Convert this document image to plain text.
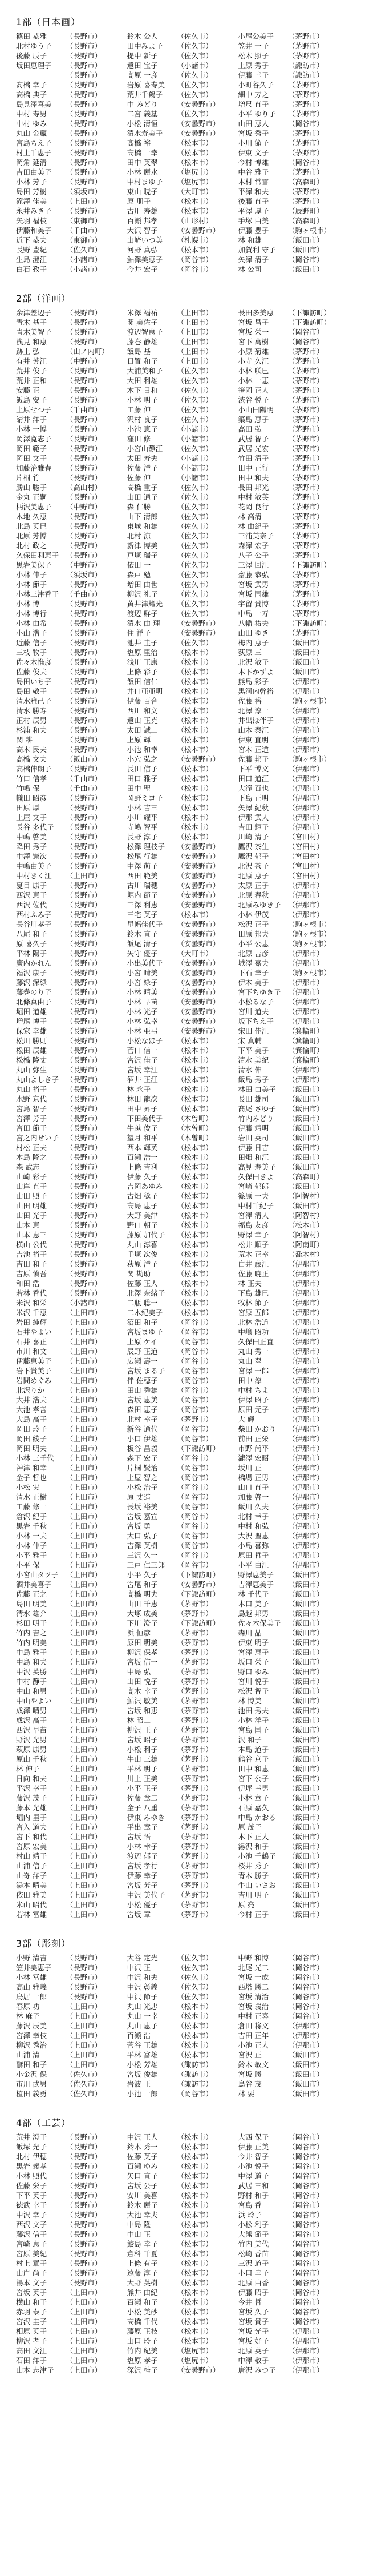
1部（日本画）
篠田 恭雅	（長野市）	鈴木 公人	（佐久市）	小尾公美子	（茅野市）
北村ゆう子	（長野市）	田中みよ子	（佐久市）	笠井 一子	（茅野市）
後藤 辰子	（長野市）	提中 新子	（佐久市）	松木 照子	（茅野市）
坂田恵理子	（長野市）	遠田 宝子	（小諸市）	上原 秀子	（諏訪市）
	（長野市）	高原 一彦	（佐久市）	伊藤 幸子	（諏訪市）
髙橋 幸子	（長野市）	岩原 喜寿美	（佐久市）	小町谷久子	（茅野市）
高橋 典子	（長野市）	荒井千鶴子	（佐久市）	細中 芳之	（茅野市）
島見澤喜美	（長野市）	中 みどり	（安曇野市）	増尺 直子	（茅野市）
中村 寿男	（長野市）	二宮 義基	（佐久市）	小平 ゆり子	（茅野市）
中村 ゆみ	（長野市）	小松 清恒	（安曇野市）	山田 恵人	（岡谷市）
丸山 金蔵	（長野市）	清水寿美子	（安曇野市）	宮坂 秀子	（茅野市）
宮島ちえ子	（長野市）	髙橋 裕	（松本市）	小川 節子	（茅野市）
村上千恵子	（長野市）	高橋 一幸	（松本市）	伊東 文子	（茅野市）
岡角 延清	（長野市）	田中 英翠	（松本市）	今村 博雄	（岡谷市）
吉田由美子	（長野市）	小林 麗水	（塩尻市）	中谷 雅子	（茅野市）
小林 芳子	（長野市）	中村まゆ子	（塩尻市）	木村 常雪	（高森町）
島田 芳樹	（須坂市）	東山 暁子	（大町市）	平澤 和夫	（茅野市）
滝澤 佳美	（上田市）	原 朋子	（松本市）	後藤 直子	（茅野市）
永井みき子	（長野市）	古川 寿雄	（松本市）	平澤 厚子	（辰野町）
矢羽 福枝	（東御市）	百瀬 邦孝	（山形村）	手塚 由美	（高森町）
伊藤和美子	（千曲市）	大沢 智子	（安曇野市）	伊藤 豊子	（駒ヶ根市）
近下 恭夫	（東御市）	山崎いつ美	（札幌市）	林 和雄	（飯田市）
長野 豊紀	（佐久市）	河野 真弘	（松本市）	加賀利 守子	（飯田市）
生島 澄江	（小諸市）	鮎澤美恵子	（岡谷市）	矢澤 清子	（岡谷市）
白石 孜子	（小諸市）	今井 宏子	（岡谷市）	林 公司	（飯田市）
2部（洋画）
余津差辺子	（長野市）	米澤 福祐	（上田市）	長田多美恵	（下諏訪町）
青木 基子	（長野市）	関 美佐子	（上田市）	宮坂 昌子	（下諏訪町）
青木美智子	（長野市）	渡辺智恵子	（上田市）	宮坂 栄一	（岡谷市）
浅見 和恵	（長野市）	藤巻 静雄	（上田市）	宮下 萬樹	（岡谷市）
跡上 弘	（山ノ内町）	飯島 基	（上田市）	小原 菊雄	（茅野市）
有井 芳江	（中野市）	日置 和子	（上田市）	小寺 久江	（茅野市）
荒井 俊子	（長野市）	大浦美和子	（佐久市）	小林 咲巳	（茅野市）
荒井 正和	（長野市）	大田 利雄	（佐久市）	小林 一恵	（茅野市）
安藤 正	（長野市）	木下 日和	（佐久市）	笹岡 正人	（茅野市）
飯島 安子	（長野市）	小林 明子	（佐久市）	渋谷 悦子	（茅野市）
上原せつ子	（千曲市）	工藤 伸	（佐久市）	小山田陽明	（茅野市）
請井 洋子	（長野市）	沢村 良子	（佐久市）	築島 恵子	（茅野市）
小林 一博	（長野市）	小池 恵子	（小諸市）	高田 弘	（茅野市）
岡澤寛志子	（長野市）	窪田 修	（小諸市）	武居 智子	（茅野市）
岡田 範子	（長野市）	小宮山静江	（佐久市）	武居 光宏	（茅野市）
岡田 文子	（長野市）	太田 寿夫	（小諸市）	竹田 清子	（茅野市）
加藤治雅春	（長野市）	佐藤 洋子	（小諸市）	田中 正行	（茅野市）
片桐 竹	（長野市）	佐藤 伸	（小諸市）	田中 和夫	（茅野市）
勝山 聡子	（高山村）	高橋 重子	（佐久市）	長田 邦光	（茅野市）
金丸 正嗣	（長野市）	山田 通子	（佐久市）	中村 敏英	（茅野市）
柄沢美恵子	（中野市）	森 仁勝	（佐久市）	花岡 良行	（茅野市）
木地 久恵	（長野市）	山下 清郎	（佐久市）	林 高清	（茅野市）
北島 英巳	（長野市）	東城 和雄	（佐久市）	林 由紀子	（茅野市）
北原 芳博	（長野市）	北村 涼	（佐久市）	三浦美奈子	（茅野市）
北村 政之	（長野市）	新津 博美	（佐久市）	森澤 宏子	（茅野市）
久保田利恵子	（長野市）	戸塚 瑞子	（佐久市）	八子 公子	（茅野市）
黒岩美保子	（中野市）	依田 一	（佐久市）	三澤 回江	（下諏訪町）
小林 伸子	（須坂市）	森戸 勉	（佐久市）	齋藤 恭弘	（茅野市）
小林 節子	（長野市）	増田 由世	（佐久市）	宮坂 武男	（茅野市）
小林三津香子	（千曲市）	柳沢 礼子	（佐久市）	宮坂 国雄	（茅野市）
小林 博	（長野市）	黄井津耀光	（佐久市）	宇留 貴博	（茅野市）
小林 博行	（長野市）	渡辺 鮮子	（佐久市）	中島 一寿	（茅野市）
小林 由希	（長野市）	清水 由 理	（安曇野市）	八幡 祐夫	（下諏訪町）
小山 浩子	（長野市）	住 祥子	（安曇野市）	山田 ゆき	（茅野市）
近藤 信子	（長野市）	池井 圭子	（佐久市）	梅内 恵子	（飯田市）
三枝 牧子	（長野市）	塩原 里治	（松本市）	荻原 三	（飯田市）
佐々木惟彦	（長野市）	浅川 正康	（松本市）	北沢 敏子	（飯田市）
佐藤 俊夫	（長野市）	上條 彩子	（松本市）	木下かずよ	（飯田市）
島田いち子	（長野市）	飯田 信仁	（松本市）	熊島 彩子	（伊那市）
島田 敬子	（長野市）	井口亜亜明	（松本市）	黒河内幹裕	（伊那市）
清水雅己子	（長野市）	伊藤 百合	（松本市）	佐藤 裕	（駒ヶ根市）
清水 勝寿	（長野市）	西川 和文	（松本市）	北澤 淳一	（伊那市）
正村 辰男	（長野市）	遠山 正克	（松本市）	井出ほ伴子	（伊那市）
杉浦 和夫	（長野市）	太田 誠二	（松本市）	山本 泰江	（伊那市）
関 耕	（長野市）	上原 輝	（松本市）	伊東 直明	（伊那市）
高木 民夫	（長野市）	小池 和幸	（松本市）	宮木 正道	（伊那市）
高橋 文夫	（飯山市）	小穴 弘之	（安曇野市）	佐藤 邦子	（駒ヶ根市）
高橋伸朗子	（長野市）	長田 信子	（松本市）	下平 博文	（伊那市）
竹口 信孝	（千曲市）	田口 雅子	（松本市）	田口 道江	（伊那市）
竹嶋 保	（千曲市）	田中 聖	（松本市）	大滝 百也	（伊那市）
幟田 昭彦	（長野市）	岡野ミヨ子	（松本市）	下島 正明	（伊那市）
田原 厚	（長野市）	小林 吉三	（松本市）	矢澤 紀秋	（伊那市）
土屋 文子	（長野市）	小川 耀平	（松本市）	伊那 武人	（伊那市）
長谷 多代子	（長野市）	寺嶋 智平	（松本市）	吉田 輝子	（伊那市）
中嶋 啓美	（長野市）	長野 淳子	（松本市）	川崎 清子	（宮田村）
降田 秀子	（長野市）	松澤 理枝子	（安曇野市）	鷹沢 茶生	（宮田村）
中澤 憲次	（長野市）	松尾 行雄	（安曇野市）	鷹沢 郁子	（宮田村）
中嶋由美子	（長野市）	中澤 萌子	（安曇野市）	北沢 茶子	（宮田村）
中村きく江	（上田市）	西田 範美	（安曇野市）	北原 恵子	（宮田村）
夏目 康子	（長野市）	古川 瑞穂	（安曇野市）	太原 正子	（伊那市）
西沢 恵子	（長野市）	堀内 節子	（安曇野市）	北原 春秋	（伊那市）
西沢 佐代	（長野市）	三澤 利恵	（安曇野市）	北原みゆき子	（伊那市）
西村ふみ子	（長野市）	三宅 英子	（松本市）	小林 伊茂	（伊那市）
長谷川孝子	（長野市）	星幅佳代子	（安曇野市）	松沢 正子	（駒ヶ根市）
八尾 和子	（長野市）	鈴木 直子	（安曇野市）	田原 邦夫	（駒ヶ根市）
原 喜久子	（長野市）	飯尾 清子	（安曇野市）	小平 公恵	（駒ヶ根市）
平林 陽子	（長野市）	矢守 優子	（大町市）	北原 吉彦	（伊那市）
廣内かれん	（長野市）	小出美代子	（安曇野市）	城澤 嘉夫	（伊那市）
福沢 康子	（長野市）	小宮 晴美	（安曇野市）	下石 幸子	（駒ヶ根市）
藤沢 深緑	（長野市）	小宮 緑子	（安曇野市）	伊木 美子	（伊那市）
藤巻のり子	（長野市）	小林 晴美	（安曇野市）	宮下ちゆき子	（伊那市）
北條真由子	（長野市）	小林 早苗	（安曇野市）	小松るな子	（伊那市）
堀田 道雄	（長野市）	小林 光子	（安曇野市）	宮川 道夫	（伊那市）
増尾 博子	（長野市）	小林 弘幸	（安曇野市）	坂下ちえ子	（伊那市）
保家 幸雄	（長野市）	小林 亜弓	（安曇野市）	宋田 佳江	（箕輪町）
松川 勝則	（長野市）	小松なほ子	（松本市）	宋 真輔	（箕輪町）
松田 辰雄	（長野市）	菅口 信一	（松本市）	下平 美子	（箕輪町）
松橋 隆丈	（長野市）	宮沢 佳子	（松本市）	清水 美紀	（箕輪町）
丸山 弥生	（長野市）	宮坂 幸江	（松本市）	清水 伸	（伊那市）
丸山よしき子	（長野市）	酒井 正江	（松本市）	飯島 秀子	（伊那市）
丸山 裕子	（長野市）	林 永子	（松本市）	林田 由美子	（飯田市）
水野 京代	（長野市）	林田 龍次	（松本市）	長田 雄司	（飯田市）
宮島 智子	（長野市）	田中 昇子	（松本市）	髙尾 さゆ子	（飯田市）
宮澤 芳子	（長野市）	下田美代子	（木曽町）	竹内みどり	（飯田市）
宮田 節子	（長野市）	牛越 俊子	（木曽町）	伊藤 靖明	（飯田市）
宮之内せい子	（長野市）	望月 和平	（木曽町）	岩田 英司	（飯田市）
村松 正夫	（長野市）	西本 輝英	（松本市）	伊藤 日吉	（飯田市）
本島 隆之	（長野市）	百瀬 浩一	（松本市）	田畑 和江	（飯田市）
森 武志	（長野市）	上條 吉利	（松本市）	高見 寿美子	（飯田市）
山崎 彩子	（長野市）	伊藤 久子	（松本市）	久保田きよ	（高森町）
山岸 直子	（長野市）	吉岡あゆみ	（松本市）	宮崎 郁郎	（飯田市）
山田 照子	（長野市）	古畑 稔子	（松本市）	篠原 一夫	（阿智村）
山田 明雄	（長野市）	高島 恵子	（松本市）	中村千紀子	（飯田市）
山田 光子	（長野市）	大野 美津	（松本市）	宮澤 清人	（阿智村）
山本 恵	（長野市）	野口 朝子	（松本市）	福島 友彦	（松本市）
山本 恵三	（長野市）	藤原 加代子	（松本市）	野澤 幸子	（阿智村）
横山 公代	（長野市）	丸山 淳喜	（松本市）	松井 順子	（阿南町）
吉池 裕子	（長野市）	手塚 次俊	（松本市）	荒木 正幸	（喬木村）
吉田 和子	（長野市）	荻原 洋子	（松本市）	白井 藤江	（伊那市）
吉原 慎吾	（長野市）	関 勘助	（松本市）	佐藤 暁正	（伊那市）
和田 浩	（長野市）	佐藤 正人	（松本市）	林 正夫	（伊那市）
若林 香代	（長野市）	北澤 奈緒子	（松本市）	下島 雄巳	（伊那市）
米沢 和栄	（小諸市）	二瓶 聡一	（松本市）	牧林 節子	（伊那市）
米沢 千恵	（上田市）	二木紀美子	（松本市）	宮原 五郎	（伊那市）
岩田 純輝	（上田市）	沼田 和子	（岡谷市）	北林 浩道	（伊那市）
石井やよい	（上田市）	宮坂まゆ子	（岡谷市）	中嶋 昭功	（伊那市）
石井 喜正	（上田市）	上原 ケイ	（岡谷市）	久保田正直	（伊那市）
市川 和文	（上田市）	辰野 正道	（岡谷市）	丸山 秀一	（伊那市）
伊藤恵美子	（上田市）	広瀬 壽一	（岡谷市）	丸山 翠	（伊那市）
岩下貴美子	（上田市）	宮坂 まる子	（岡谷市）	宮澤 一郎	（伊那市）
岩間めぐみ	（上田市）	伴 佐穂子	（岡谷市）	田中 淳	（伊那市）
北沢りか	（上田市）	田山 秀雄	（岡谷市）	中村 ちよ	（伊那市）
大井 浩夫	（上田市）	宮坂 恵美	（岡谷市）	伊澤 昭子	（伊那市）
大池 孝善	（上田市）	森田 恵子	（岡谷市）	原田 元子	（伊那市）
大島 高子	（上田市）	北村 幸子	（茅野市）	大 輝	（伊那市）
岡田 玲子	（上田市）	新谷 通代	（岡谷市）	柴田 かおり	（伊那市）
岡田 綾子	（上田市）	小口 伊雄	（岡谷市）	前田 正栄	（伊那市）
岡田 明夫	（上田市）	板谷 昌義	（下諏訪町）	市野 尚平	（伊那市）
小林 三千代	（上田市）	森下 宏子	（岡谷市）	瀧澤 宏昭	（伊那市）
神津 和幸	（上田市）	片桐 賢治	（岡谷市）	坂川 正	（伊那市）
金子 哲也	（上田市）	土屋 智之	（岡谷市）	橋場 正男	（伊那市）
小松 実	（上田市）	小松 治子	（岡谷市）	山口 直子	（伊那市）
清水 正樹	（上田市）	原 丈造	（岡谷市）	加藤 啓一	（伊那市）
工藤 修一	（上田市）	長坂 裕美	（岡谷市）	飯川 久夫	（伊那市）
倉沢 紀子	（上田市）	宮坂 嘉宣	（岡谷市）	北村 幸子	（伊那市）
黒岩 千秋	（上田市）	宮坂 勇	（岡谷市）	中村 和弘	（伊那市）
小林 一夫	（上田市）	大口 弘子	（岡谷市）	大沢 聖恵	（伊那市）
小林 仲子	（上田市）	吉澤 英樹	（岡谷市）	小島 喜弥	（伊那市）
小平 雅子	（上田市）	三沢 久一	（岡谷市）	原田 哲子	（伊那市）
小平 保	（上田市）	三戸 仁三郎	（岡谷市）	小平 由江	（伊那市）
小宮山タツ子	（上田市）	小平 久子	（下諏訪町）	野澤恵美子	（飯田市）
酒井美喜子	（上田市）	宮尾 和子	（安曇野市）	吉澤恵美子	（飯田市）
佐藤 正之	（上田市）	高橋 明夫	（下諏訪町）	林 千代子	（飯田市）
島田 明美	（上田市）	山田 千恵	（茅野市）	木口 美子	（飯田市）
清水 雄介	（上田市）	大塚 成美	（茅野市）	鳥越 邦男	（飯田市）
杉田 明子	（上田市）	下川 澄子	（下諏訪町）	佐々木保美子	（飯田市）
竹内 吉之	（上田市）	浜 恒彦	（茅野市）	森川 晶	（飯田市）
竹内 明美	（上田市）	原田 明美	（茅野市）	伊東 明子	（飯田市）
中島 雅子	（上田市）	柳沢 保孝	（茅野市）	宮澤 恵子	（飯田市）
中島 和夫	（上田市）	宮坂 信一	（茅野市）	坂口 栄子	（飯田市）
中沢 英勝	（上田市）	中島 弘	（茅野市）	野口 ゆみ	（飯田市）
中村 静子	（上田市）	山田 悦子	（茅野市）	宮川 悦子	（飯田市）
中山 和男	（上田市）	高木 幸子	（茅野市）	松沢 智子	（飯田市）
中山やよい	（上田市）	鮎沢 敏美	（茅野市）	林 博美	（飯田市）
成澤 晴男	（上田市）	宮坂 和恵	（茅野市）	池田 秀夫	（飯田市）
成沢 高子	（上田市）	林 昭二	（茅野市）	小林 洋子	（飯田市）
西沢 早苗	（上田市）	柳沢 正子	（茅野市）	宮島 国子	（飯田市）
野沢 光男	（上田市）	宮坂 昭子	（茅野市）	沢 和子	（飯田市）
萩原 康男	（上田市）	小松 利子	（茅野市）	本島 道子	（飯田市）
原山 千秋	（上田市）	牛山 三雄	（茅野市）	熊谷 京子	（飯田市）
林 伸子	（上田市）	平林 明子	（茅野市）	田中 和恵	（飯田市）
日向 和夫	（上田市）	川上 正美	（茅野市）	宮下 公子	（飯田市）
平沢 幸子	（上田市）	小平 正子	（茅野市）	伊坪 幸男	（飯田市）
藤沢 茂子	（上田市）	佐藤 章二	（茅野市）	小林 章子	（飯田市）
藤本 光雄	（上田市）	金子 八重	（茅野市）	石原 嘉久	（飯田市）
堀内 里子	（上田市）	伊東 みゆき	（茅野市）	中島 かおる	（飯田市）
宮入 道夫	（上田市）	平出 章子	（茅野市）	原 茂子	（飯田市）
宮下 和代	（上田市）	宮坂 悟	（茅野市）	木下 正人	（飯田市）
宮原 宏美	（上田市）	小林 幸子	（茅野市）	湯沢 和子	（飯田市）
村山 靖子	（上田市）	渡辺 郁子	（茅野市）	小池 千鶴子	（飯田市）
山浦 信子	（上田市）	宮坂 孝行	（茅野市）	桜井 秀子	（飯田市）
山嵜 洋子	（上田市）	伊藤 幸子	（茅野市）	青木 勝子	（飯田市）
湯本 晴美	（上田市）	宮坂 芳子	（茅野市）	牛山 いさお	（飯田市）
依田 雅美	（上田市）	中沢 美代子	（茅野市）	吉川 明子	（飯田市）
米山 昭代	（上田市）	小松 優子	（茅野市）	原 亮	（飯田市）
若林 富雄	（上田市）	宮坂 章	（茅野市）	今村 正子	（飯田市）
3部（彫刻）
小野 清吉	（長野市）	大谷 定光	（佐久市）	中野 和博	（岡谷市）
笠井美恵子	（長野市）	中沢 正	（佐久市）	北尾 光二	（岡谷市）
小林 冨雄	（長野市）	中沢 和夫	（佐久市）	宮坂 一成	（岡谷市）
高山 雅義	（長野市）	中沢 彰義	（佐久市）	西塔 勝二	（岡谷市）
鳥居 一郎	（長野市）	中沢 節子	（佐久市）	宮坂 清治	（岡谷市）
春原 功	（上田市）	丸山 光忠	（松本市）	宮坂 義治	（岡谷市）
林 麻子	（上田市）	丸山 一幸	（松本市）	中村 正喜	（岡谷市）
藤沢 辰美	（上田市）	丸山 恵子	（松本市）	倉田 将文	（伊那市）
宮澤 幸枝	（上田市）	百瀬 浩	（松本市）	吉田 正年	（伊那市）
柳沢 秀治	（上田市）	菅谷 正雄	（松本市）	小池 正人	（伊那市）
山浦 清	（上田市）	平林 富雄	（松本市）	宮沢 正	（飯田市）
鷲田 和子	（上田市）	小松 芳雄	（諏訪市）	鈴木 敏文	（飯田市）
小金沢 保	（佐久市）	宮坂 俊雄	（諏訪市）	宮坂 勝	（飯田市）
市川 武男	（佐久市）	岩波 正	（諏訪市）	鳥谷 茂	（飯田市）
植田 義勇	（佐久市）	小池 一郎	（岡谷市）	林 要	（飯田市）
4部（工芸）
荒井 澄子	（長野市）	中沢 正人	（松本市）	大西 保子	（岡谷市）
飯塚 光子	（長野市）	鈴木 秀一	（松本市）	伊藤 正美	（岡谷市）
北村 伊穂	（長野市）	佐藤 英子	（松本市）	今井 智子	（岡谷市）
黒岩 義孝	（長野市）	百瀬 ゆみ	（松本市）	小池 悦子	（岡谷市）
小林 照代	（長野市）	矢口 直子	（松本市）	中澤 道子	（岡谷市）
佐藤 栄子	（長野市）	宮坂 公子	（松本市）	武居 三和	（岡谷市）
下平 英子	（長野市）	安川 美喜	（松本市）	野村 和子	（岡谷市）
徳武 幸子	（長野市）	鈴木 麗子	（松本市）	宮島 香	（岡谷市）
中沢 幸子	（長野市）	大池 幸夫	（松本市）	浜 玲子	（岡谷市）
西沢 文子	（長野市）	中島 隆	（松本市）	小松 利子	（岡谷市）
藤沢 信子	（長野市）	中山 正	（松本市）	大熊 節子	（岡谷市）
宮崎 恵子	（長野市）	鮫島 幸子	（松本市）	竹内 美代	（岡谷市）
宮原 美紀	（長野市）	倉科 千夏	（松本市）	松崎 香苗	（岡谷市）
村上 章子	（長野市）	上條 有子	（松本市）	三沢 道子	（岡谷市）
山岸 尚子	（長野市）	遠藤 淳子	（松本市）	小口 幸子	（岡谷市）
湯本 文子	（長野市）	大野 英樹	（松本市）	北原 由香	（岡谷市）
宮坂 英子	（上田市）	熊井 由紀	（松本市）	伊藤 昭子	（岡谷市）
横山 和子	（上田市）	百瀬 和子	（松本市）	今井 哲	（岡谷市）
赤羽 泰子	（上田市）	小松 美砂	（松本市）	宮坂 久子	（岡谷市）
宮沢 圭子	（上田市）	高橋 千代	（松本市）	宮坂 貴子	（岡谷市）
相原 英子	（上田市）	藤原 正枝	（松本市）	宮坂 光子	（伊那市）
柳沢 孝子	（上田市）	山口 玲子	（松本市）	宮坂 好子	（伊那市）
高田 文江	（上田市）	竹内 紀美	（塩尻市）	北原 英子	（伊那市）
石田 洋子	（上田市）	塩原 孝子	（塩尻市）	中澤 敬子	（伊那市）
山本 志津子	（上田市）	深沢 桂子	（安曇野市）	唐沢 みつ子	（伊那市）
